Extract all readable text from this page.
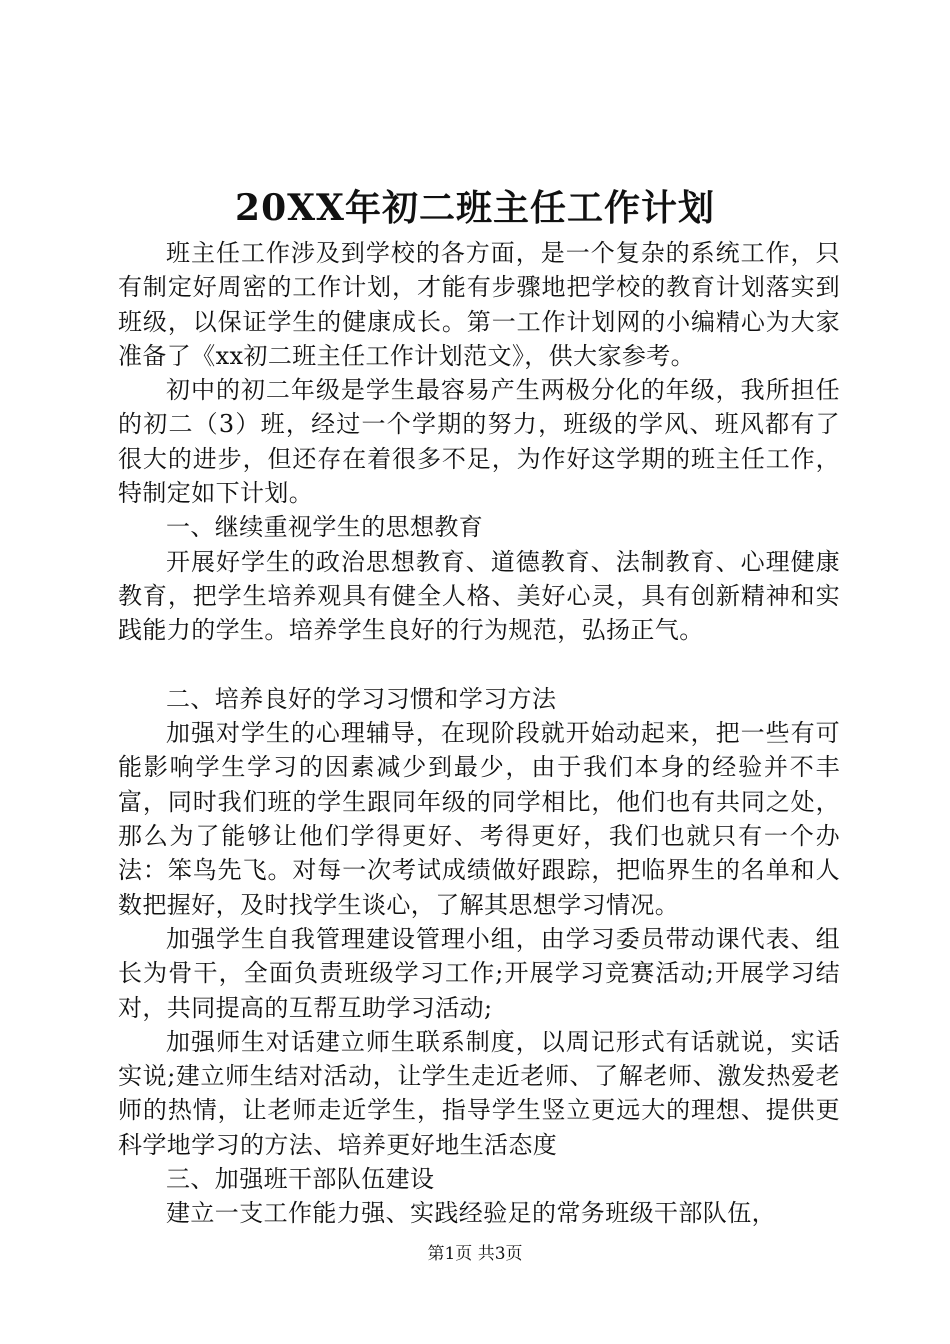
20XX年初二班主任工作计划

班主任工作涉及到学校的各方面，是一个复杂的系统工作，只有制定好周密的工作计划，才能有步骤地把学校的教育计划落实到班级，以保证学生的健康成长。第一工作计划网的小编精心为大家准备了《xx初二班主任工作计划范文》，供大家参考。

初中的初二年级是学生最容易产生两极分化的年级，我所担任的初二（3）班，经过一个学期的努力，班级的学风、班风都有了很大的进步，但还存在着很多不足，为作好这学期的班主任工作，特制定如下计划。

一、继续重视学生的思想教育

开展好学生的政治思想教育、道德教育、法制教育、心理健康教育，把学生培养观具有健全人格、美好心灵，具有创新精神和实践能力的学生。培养学生良好的行为规范，弘扬正气。

二、培养良好的学习习惯和学习方法

加强对学生的心理辅导，在现阶段就开始动起来，把一些有可能影响学生学习的因素减少到最少，由于我们本身的经验并不丰富，同时我们班的学生跟同年级的同学相比，他们也有共同之处，那么为了能够让他们学得更好、考得更好，我们也就只有一个办法：笨鸟先飞。对每一次考试成绩做好跟踪，把临界生的名单和人数把握好，及时找学生谈心，了解其思想学习情况。

加强学生自我管理建设管理小组，由学习委员带动课代表、组长为骨干，全面负责班级学习工作;开展学习竞赛活动;开展学习结对，共同提高的互帮互助学习活动;

加强师生对话建立师生联系制度，以周记形式有话就说，实话实说;建立师生结对活动，让学生走近老师、了解老师、激发热爱老师的热情，让老师走近学生，指导学生竖立更远大的理想、提供更科学地学习的方法、培养更好地生活态度

三、加强班干部队伍建设

建立一支工作能力强、实践经验足的常务班级干部队伍，

第1页 共3页
